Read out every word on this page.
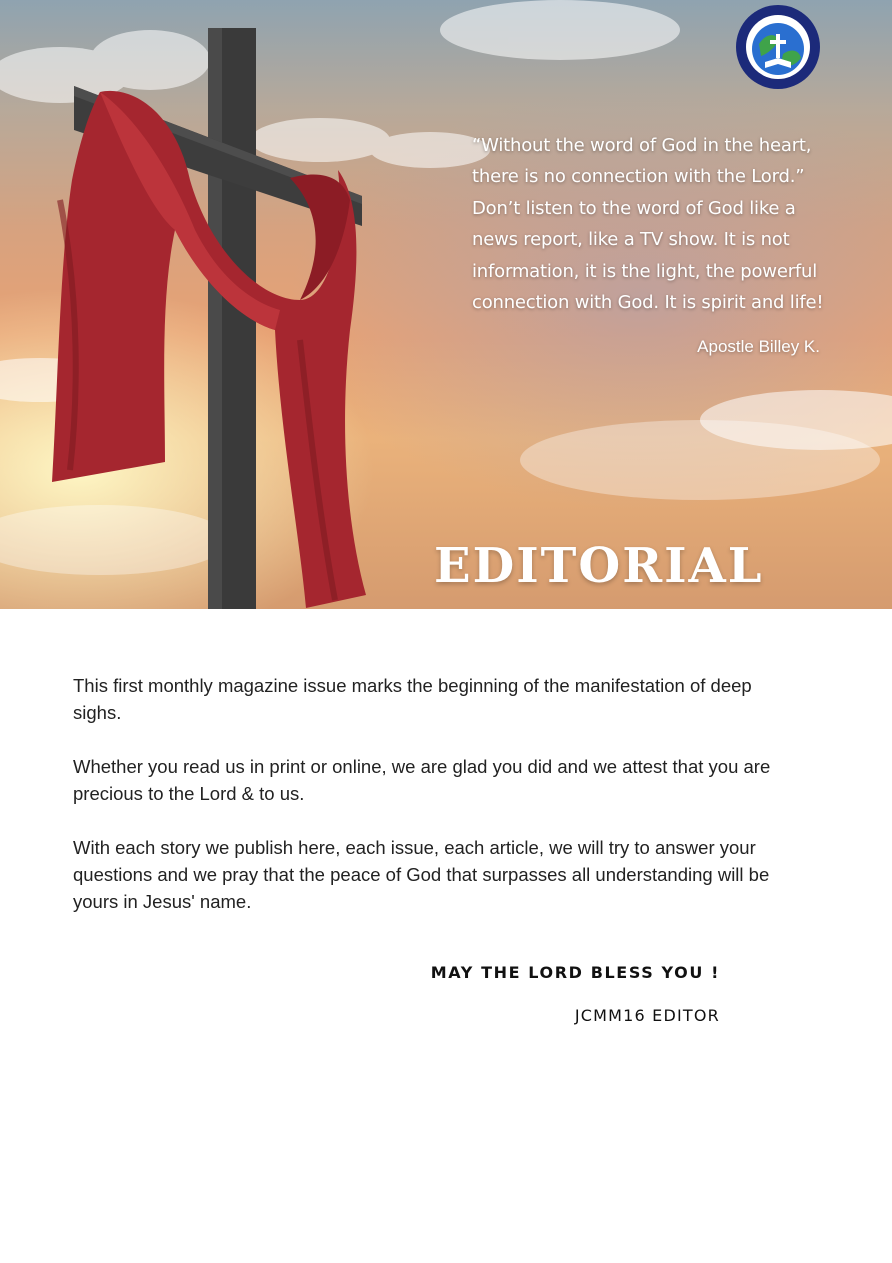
“Without the word of God in the heart,
there is no connection with the Lord.”
Don’t listen to the word of God like a
news report, like a TV show. It is not
information, it is the light, the powerful
connection with God. It is spirit and life!

Apostle Billey K.
EDITORIAL

This first monthly magazine issue marks the beginning of the manifestation of deep sighs.

Whether you read us in print or online, we are glad you did and we attest that you are precious to the Lord & to us.

With each story we publish here, each issue, each article, we will try to answer your questions and we pray that the peace of God that surpasses all understanding will be yours in Jesus' name.

MAY THE LORD BLESS YOU !
JCMM16 EDITOR
